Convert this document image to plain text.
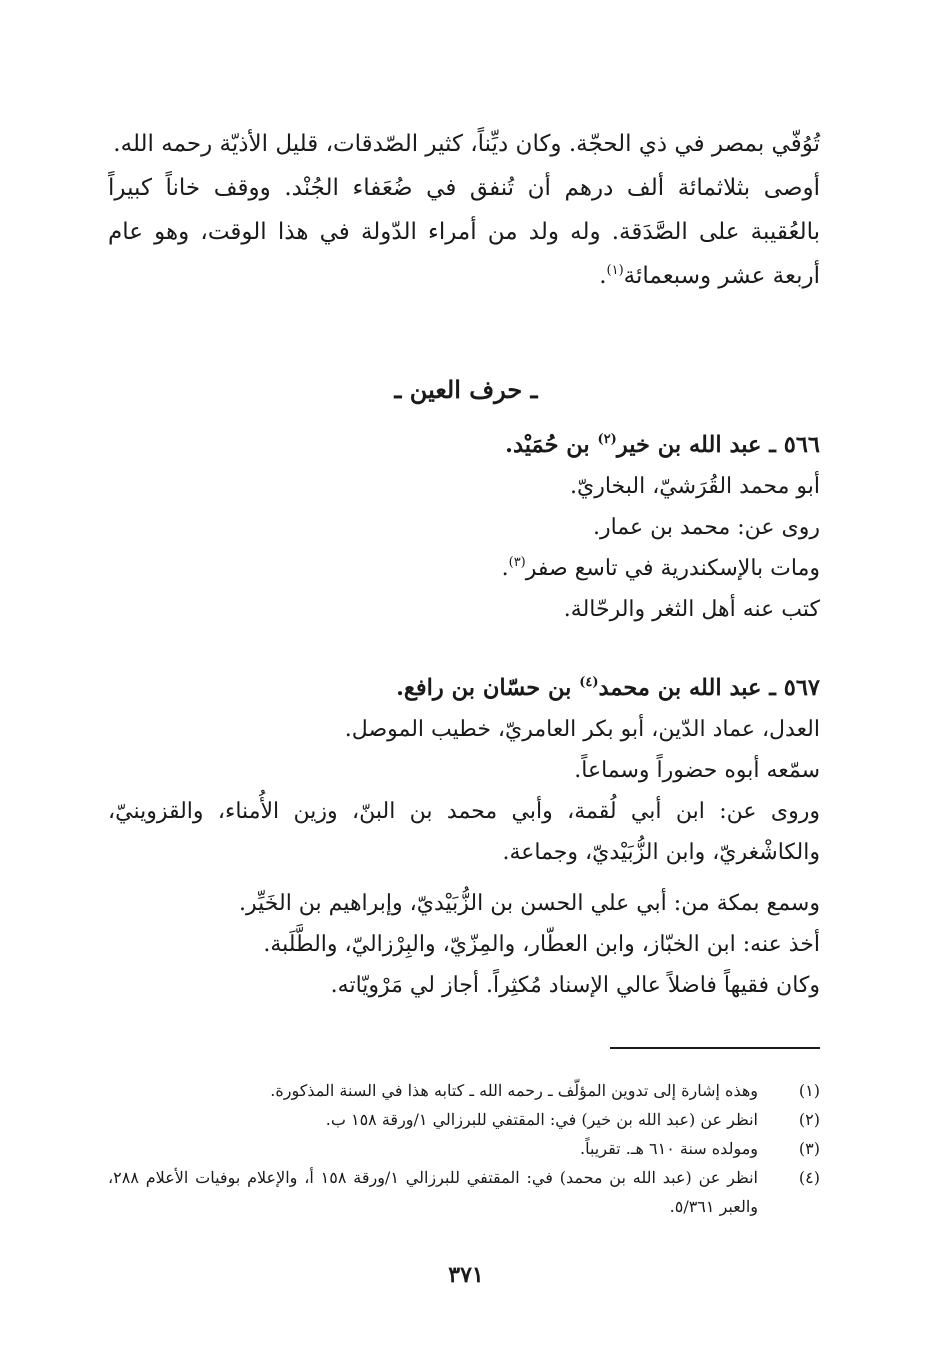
تُوُفّي بمصر في ذي الحجّة. وكان ديِّناً، كثير الصّدقات، قليل الأذيّة رحمه الله.

أوصى بثلاثمائة ألف درهم أن تُنفق في ضُعَفاء الجُنْد. ووقف خاناً كبيراً بالعُقيبة على الصَّدَقة. وله ولد من أمراء الدّولة في هذا الوقت، وهو عام أربعة عشر وسبعمائة$^{(١)}$.

ـ حرف العين ـ

٥٦٦ ـ عبد الله بن خير$^{(٢)}$ بن حُمَيْد.

أبو محمد القُرَشيّ، البخاريّ.

روى عن: محمد بن عمار.

ومات بالإسكندرية في تاسع صفر$^{(٣)}$.

كتب عنه أهل الثغر والرحّالة.

٥٦٧ ـ عبد الله بن محمد$^{(٤)}$ بن حسّان بن رافع.

العدل، عماد الدّين، أبو بكر العامريّ، خطيب الموصل.

سمّعه أبوه حضوراً وسماعاً.

وروى عن: ابن أبي لُقمة، وأبي محمد بن البنّ، وزين الأُمناء، والقزوينيّ، والكاشْغريّ، وابن الزُّبَيْديّ، وجماعة.

وسمع بمكة من: أبي علي الحسن بن الزُّبَيْديّ، وإبراهيم بن الخَيِّر.

أخذ عنه: ابن الخبّاز، وابن العطّار، والمِزّيّ، والبِرْزاليّ، والطَّلَبة.

وكان فقيهاً فاضلاً عالي الإسناد مُكثِراً. أجاز لي مَرْويّاته.

(١)
وهذه إشارة إلى تدوين المؤلّف ـ رحمه الله ـ كتابه هذا في السنة المذكورة.
(٢)
انظر عن (عبد الله بن خير) في: المقتفي للبرزالي ١/ورقة ١٥٨ ب.
(٣)
ومولده سنة ٦١٠ هـ. تقريباً.
(٤)
انظر عن (عبد الله بن محمد) في: المقتفي للبرزالي ١/ورقة ١٥٨ أ، والإعلام بوفيات الأعلام ٢٨٨، والعبر ٥/٣٦١.
٣٧١
